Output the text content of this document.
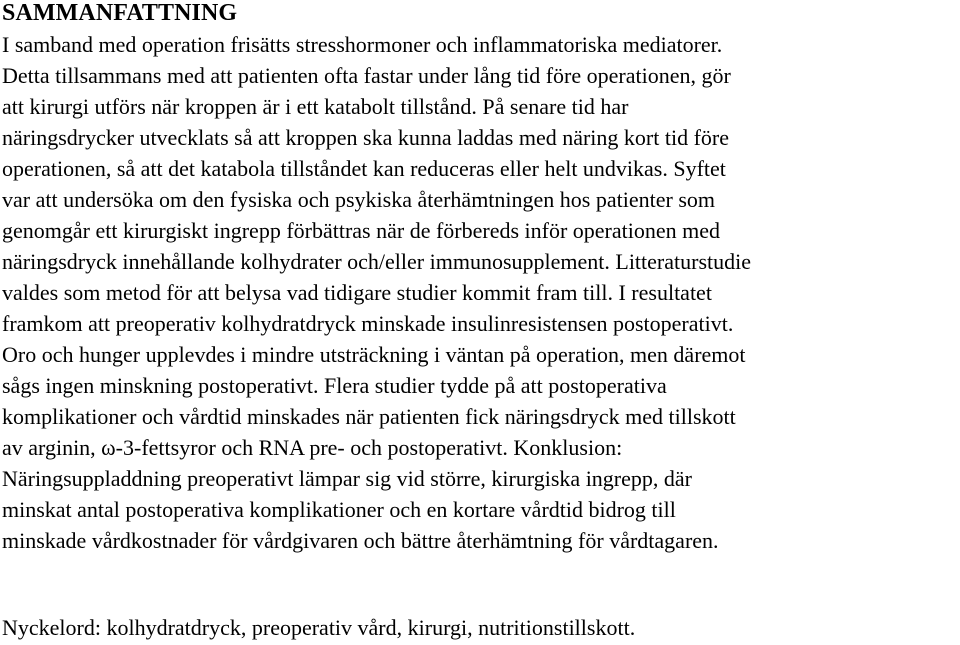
SAMMANFATTNING
I samband med operation frisätts stresshormoner och inflammatoriska mediatorer.
Detta tillsammans med att patienten ofta fastar under lång tid före operationen, gör
att kirurgi utförs när kroppen är i ett katabolt tillstånd. På senare tid har
näringsdrycker utvecklats så att kroppen ska kunna laddas med näring kort tid före
operationen, så att det katabola tillståndet kan reduceras eller helt undvikas. Syftet
var att undersöka om den fysiska och psykiska återhämtningen hos patienter som
genomgår ett kirurgiskt ingrepp förbättras när de förbereds inför operationen med
näringsdryck innehållande kolhydrater och/eller immunosupplement. Litteraturstudie
valdes som metod för att belysa vad tidigare studier kommit fram till. I resultatet
framkom att preoperativ kolhydratdryck minskade insulinresistensen postoperativt.
Oro och hunger upplevdes i mindre utsträckning i väntan på operation, men däremot
sågs ingen minskning postoperativt. Flera studier tydde på att postoperativa
komplikationer och vårdtid minskades när patienten fick näringsdryck med tillskott
av arginin, ω-3-fettsyror och RNA pre- och postoperativt. Konklusion:
Näringsuppladdning preoperativt lämpar sig vid större, kirurgiska ingrepp, där
minskat antal postoperativa komplikationer och en kortare vårdtid bidrog till
minskade vårdkostnader för vårdgivaren och bättre återhämtning för vårdtagaren.
Nyckelord: kolhydratdryck, preoperativ vård, kirurgi, nutritionstillskott.
